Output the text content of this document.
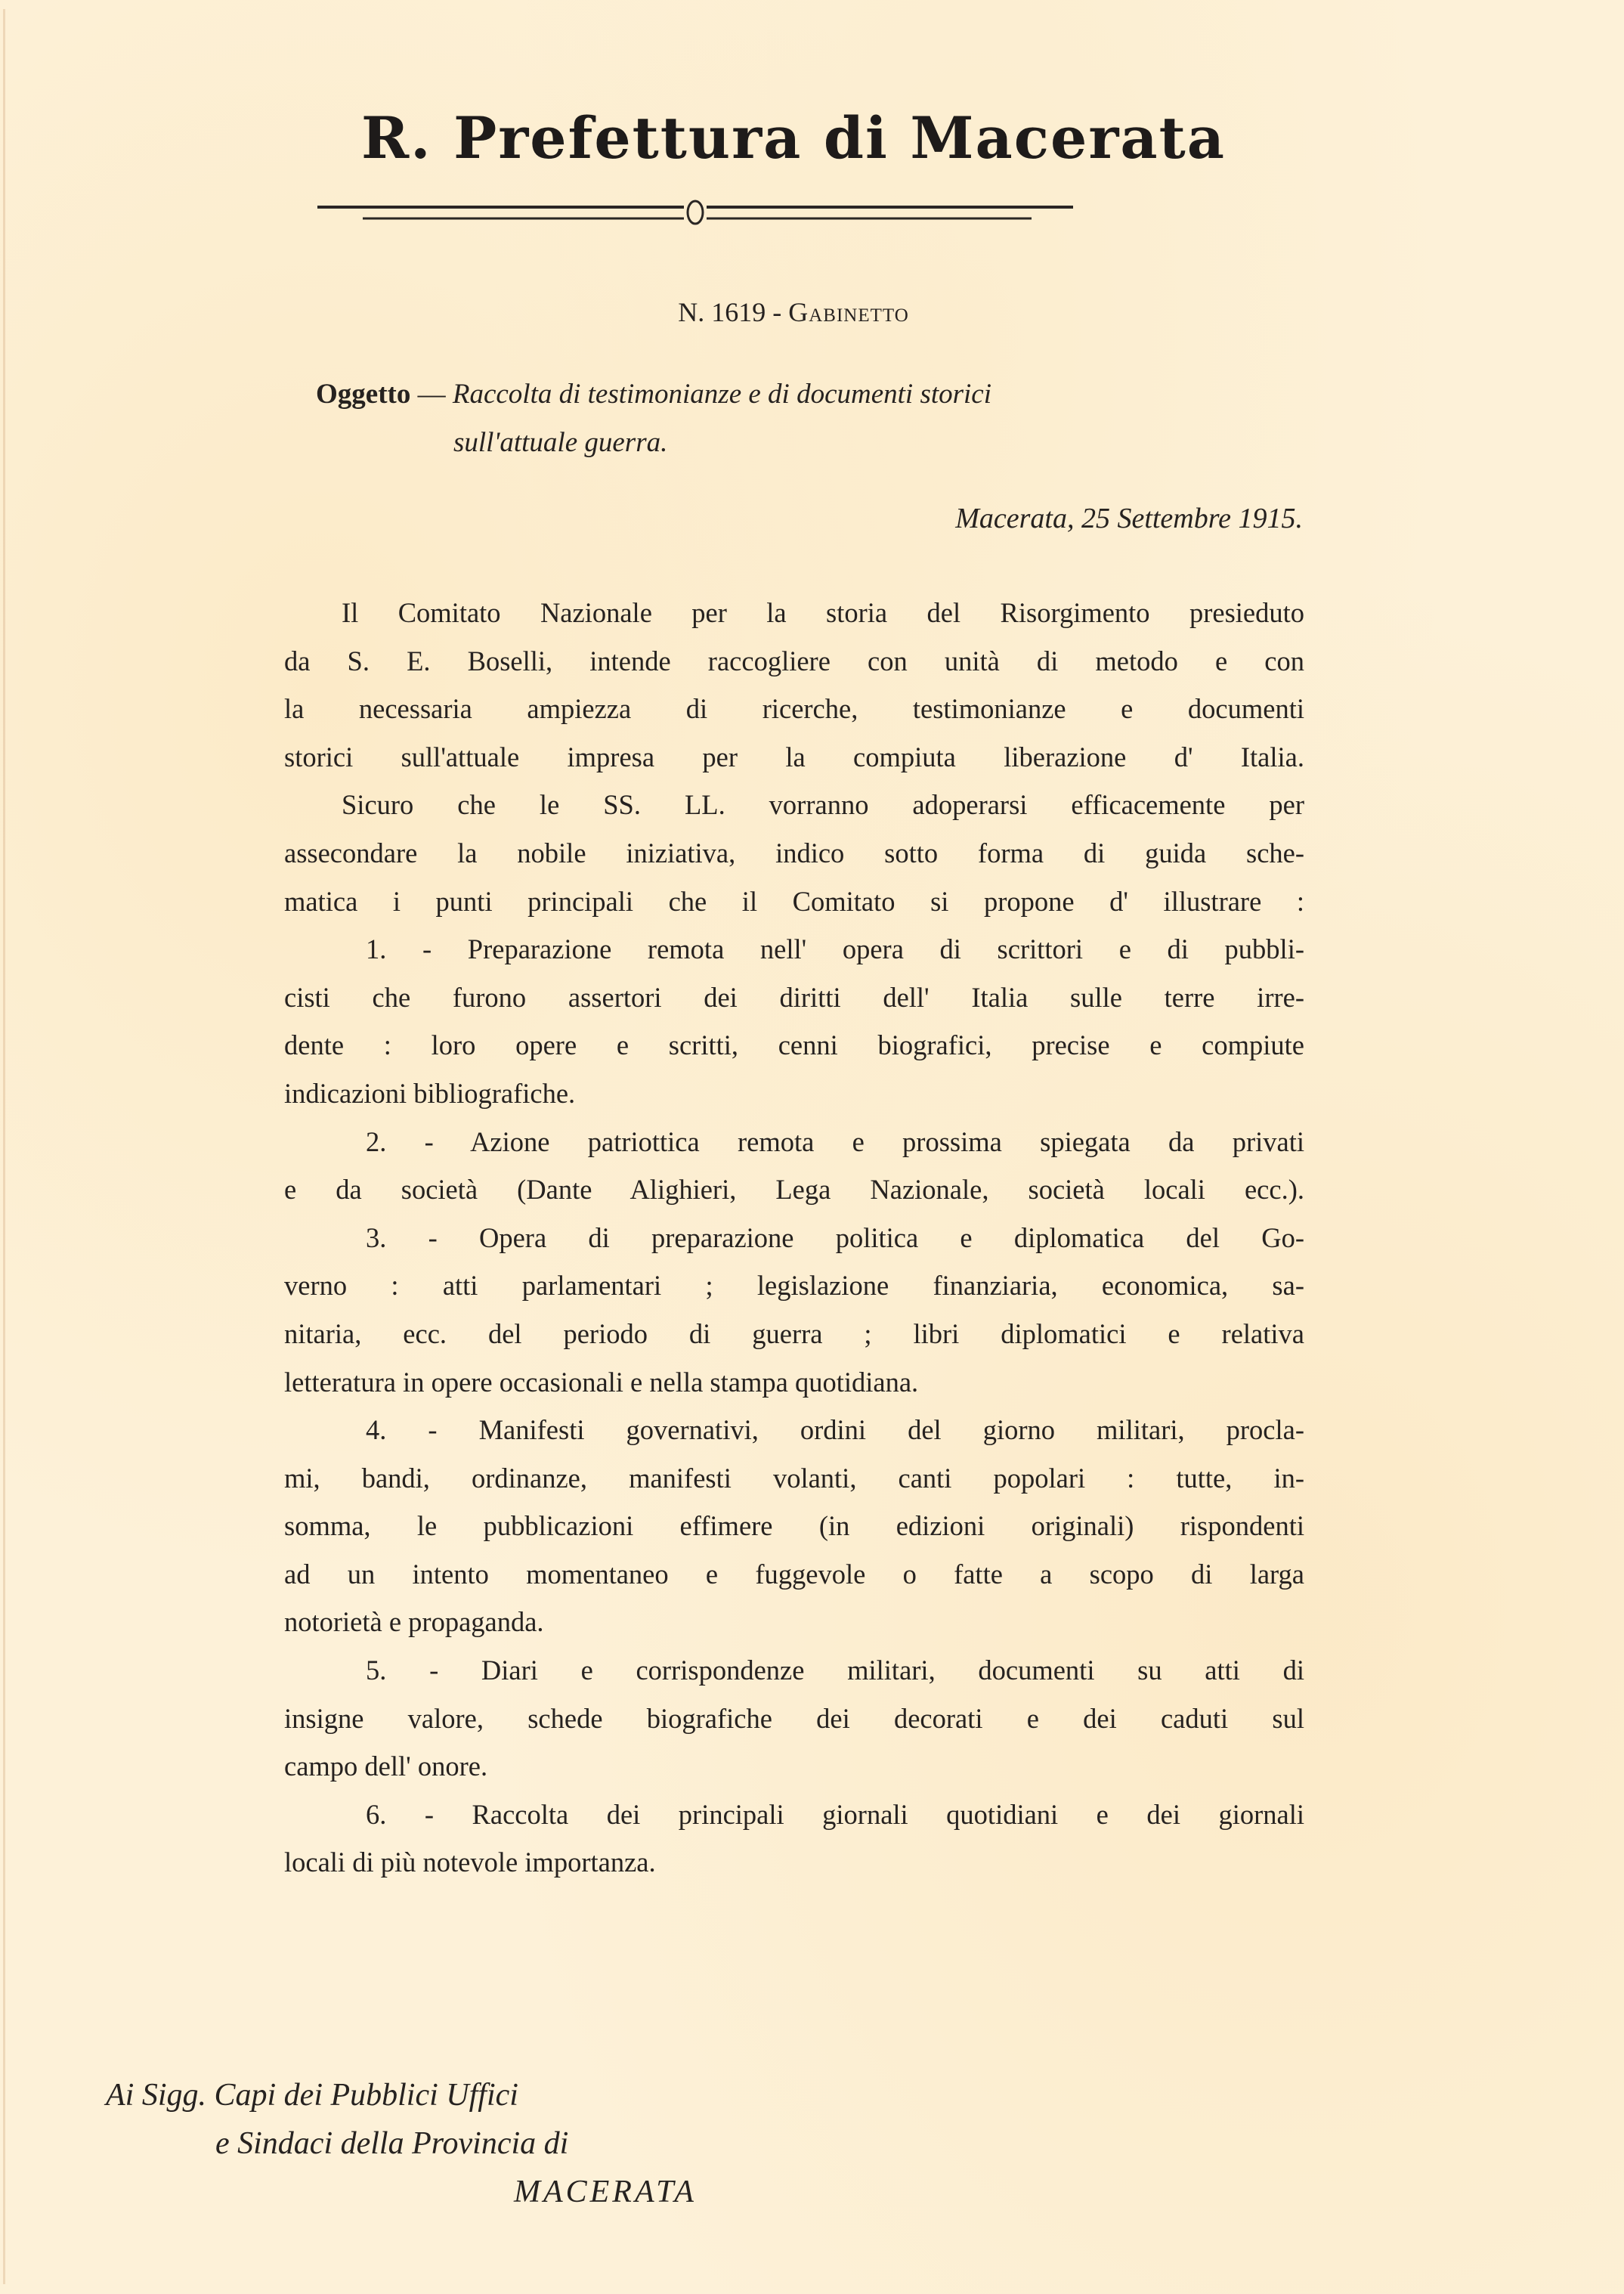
R. Prefettura di Macerata
N. 1619 - Gabinetto
Oggetto — Raccolta di testimonianze e di documenti storici
sull'attuale guerra.
Macerata, 25 Settembre 1915.
Il Comitato Nazionale per la storia del Risorgimento presieduto
da S. E. Boselli, intende raccogliere con unità di metodo e con
la necessaria ampiezza di ricerche, testimonianze e documenti
storici sull'attuale impresa per la compiuta liberazione d' Italia.
Sicuro che le SS. LL. vorranno adoperarsi efficacemente per
assecondare la nobile iniziativa, indico sotto forma di guida sche-
matica i punti principali che il Comitato si propone d' illustrare :
1. - Preparazione remota nell' opera di scrittori e di pubbli-
cisti che furono assertori dei diritti dell' Italia sulle terre irre-
dente : loro opere e scritti, cenni biografici, precise e compiute
indicazioni bibliografiche.
2. - Azione patriottica remota e prossima spiegata da privati
e da società (Dante Alighieri, Lega Nazionale, società locali ecc.).
3. - Opera di preparazione politica e diplomatica del Go-
verno : atti parlamentari ; legislazione finanziaria, economica, sa-
nitaria, ecc. del periodo di guerra ; libri diplomatici e relativa
letteratura in opere occasionali e nella stampa quotidiana.
4. - Manifesti governativi, ordini del giorno militari, procla-
mi, bandi, ordinanze, manifesti volanti, canti popolari : tutte, in-
somma, le pubblicazioni effimere (in edizioni originali) rispondenti
ad un intento momentaneo e fuggevole o fatte a scopo di larga
notorietà e propaganda.
5. - Diari e corrispondenze militari, documenti su atti di
insigne valore, schede biografiche dei decorati e dei caduti sul
campo dell' onore.
6. - Raccolta dei principali giornali quotidiani e dei giornali
locali di più notevole importanza.
Ai Sigg. Capi dei Pubblici Uffici
e Sindaci della Provincia di
MACERATA
